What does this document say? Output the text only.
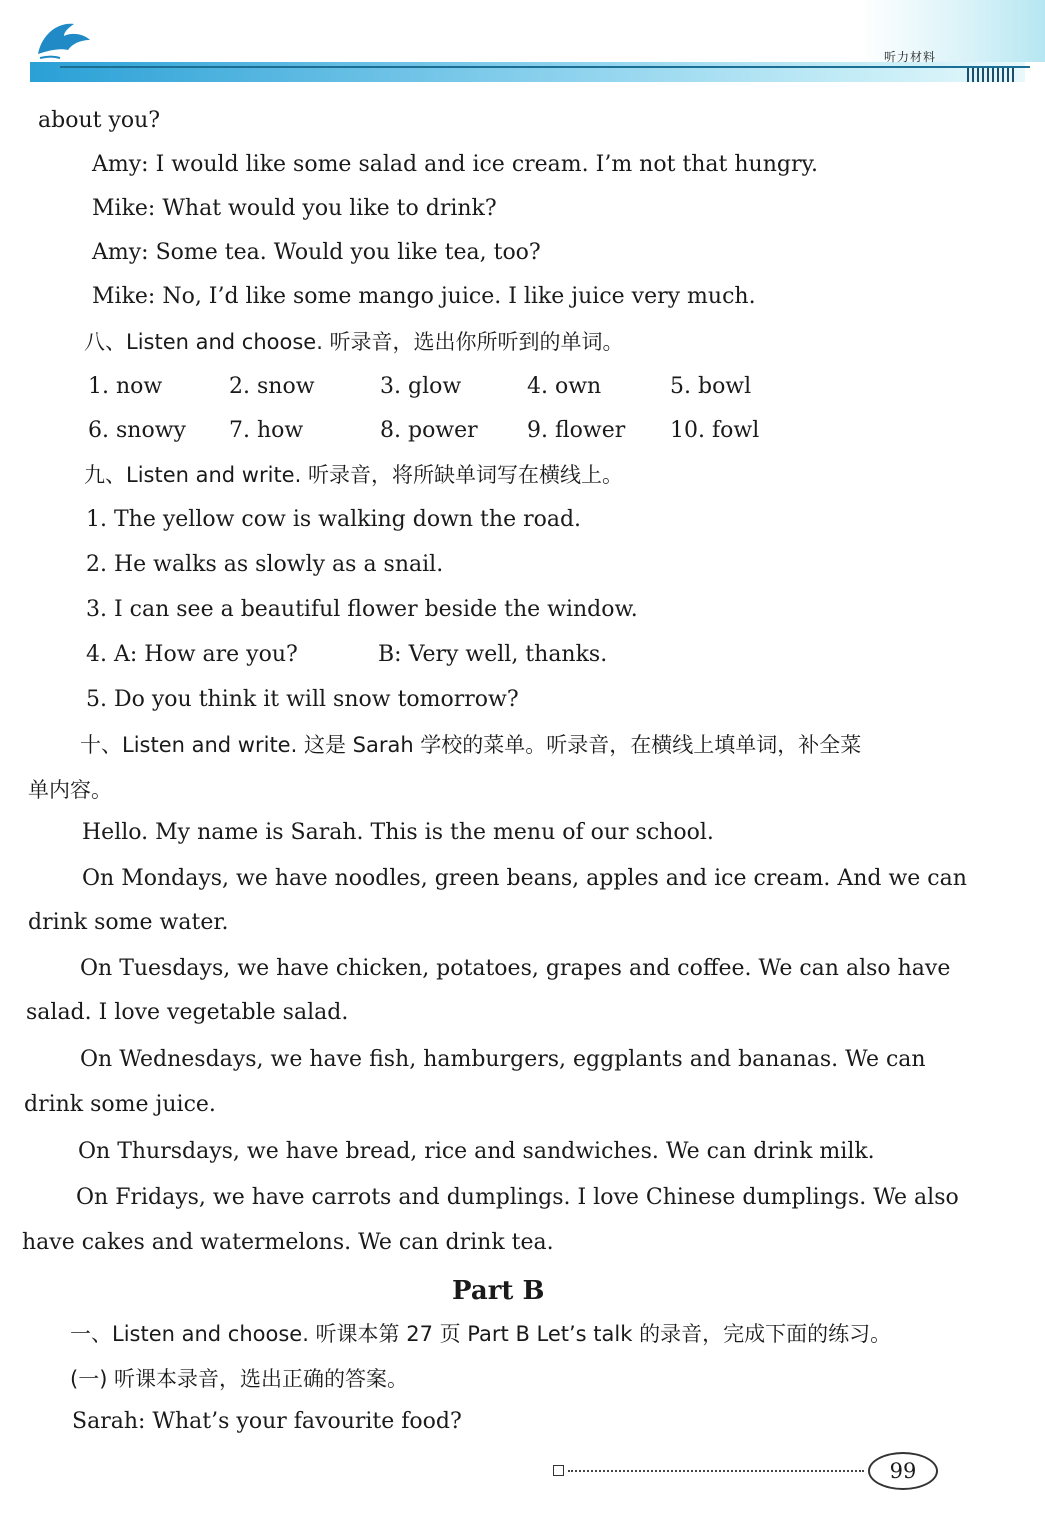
听力材料
about you?
Amy: I would like some salad and ice cream. I’m not that hungry.
Mike: What would you like to drink?
Amy: Some tea. Would you like tea, too?
Mike: No, I’d like some mango juice. I like juice very much.
八、Listen and choose. 听录音，选出你所听到的单词。
1. now	2. snow	3. glow	4. own	5. bowl
6. snowy 7. how	8. power 9. flower 10. fowl
九、Listen and write. 听录音，将所缺单词写在横线上。
1. The yellow cow is walking down the road.
2. He walks as slowly as a snail.
3. I can see a beautiful flower beside the window.
4. A: How are you?	B: Very well, thanks.
5. Do you think it will snow tomorrow?
十、Listen and write. 这是 Sarah 学校的菜单。听录音，在横线上填单词，补全菜
单内容。
Hello. My name is Sarah. This is the menu of our school.
On Mondays, we have noodles, green beans, apples and ice cream. And we can
drink some water.
On Tuesdays, we have chicken, potatoes, grapes and coffee. We can also have
salad. I love vegetable salad.
On Wednesdays, we have fish, hamburgers, eggplants and bananas. We can
drink some juice.
On Thursdays, we have bread, rice and sandwiches. We can drink milk.
On Fridays, we have carrots and dumplings. I love Chinese dumplings. We also
have cakes and watermelons. We can drink tea.
Part B
一、Listen and choose. 听课本第 27 页 Part B Let’s talk 的录音，完成下面的练习。
(一) 听课本录音，选出正确的答案。
Sarah: What’s your favourite food?
99
